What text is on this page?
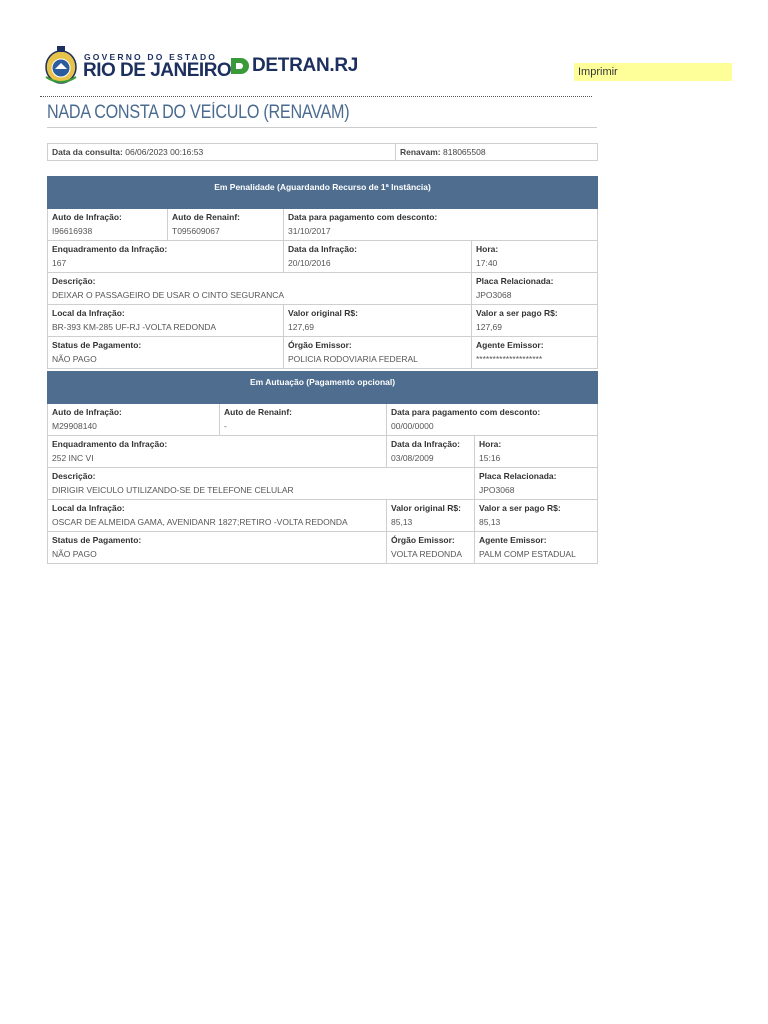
GOVERNO DO ESTADO
RIO DE JANEIRO DETRAN.RJ	Imprimir
NADA CONSTA DO VEÍCULO (RENAVAM)
Data da consulta: 06/06/2023 00:16:53	Renavam: 818065508
Em Penalidade (Aguardando Recurso de 1ª Instância)			

Auto de Infração:
I96616938	Auto de Renainf:
T095609067	Data para pagamento com desconto:
31/10/2017	

Enquadramento da Infração:
167		Data da Infração:
20/10/2016	Hora:
17:40

Descrição:
DEIXAR O PASSAGEIRO DE USAR O CINTO SEGURANCA			Placa Relacionada:
JPO3068

Local da Infração:
BR-393 KM-285 UF-RJ -VOLTA REDONDA		Valor original R$:
127,69	Valor a ser pago R$:
127,69

Status de Pagamento:
NÃO PAGO		Órgão Emissor:
POLICIA RODOVIARIA FEDERAL	Agente Emissor:
********************
Em Autuação (Pagamento opcional)			

Auto de Infração:
M29908140	Auto de Renainf:
-	Data para pagamento com desconto:
00/00/0000	

Enquadramento da Infração:
252 INC VI		Data da Infração:
03/08/2009	Hora:
15:16

Descrição:
DIRIGIR VEICULO UTILIZANDO-SE DE TELEFONE CELULAR			Placa Relacionada:
JPO3068

Local da Infração:
OSCAR DE ALMEIDA GAMA, AVENIDANR 1827;RETIRO -VOLTA REDONDA		Valor original R$:
85,13	Valor a ser pago R$:
85,13

Status de Pagamento:
NÃO PAGO		Órgão Emissor:
VOLTA REDONDA	Agente Emissor:
PALM COMP ESTADUAL
